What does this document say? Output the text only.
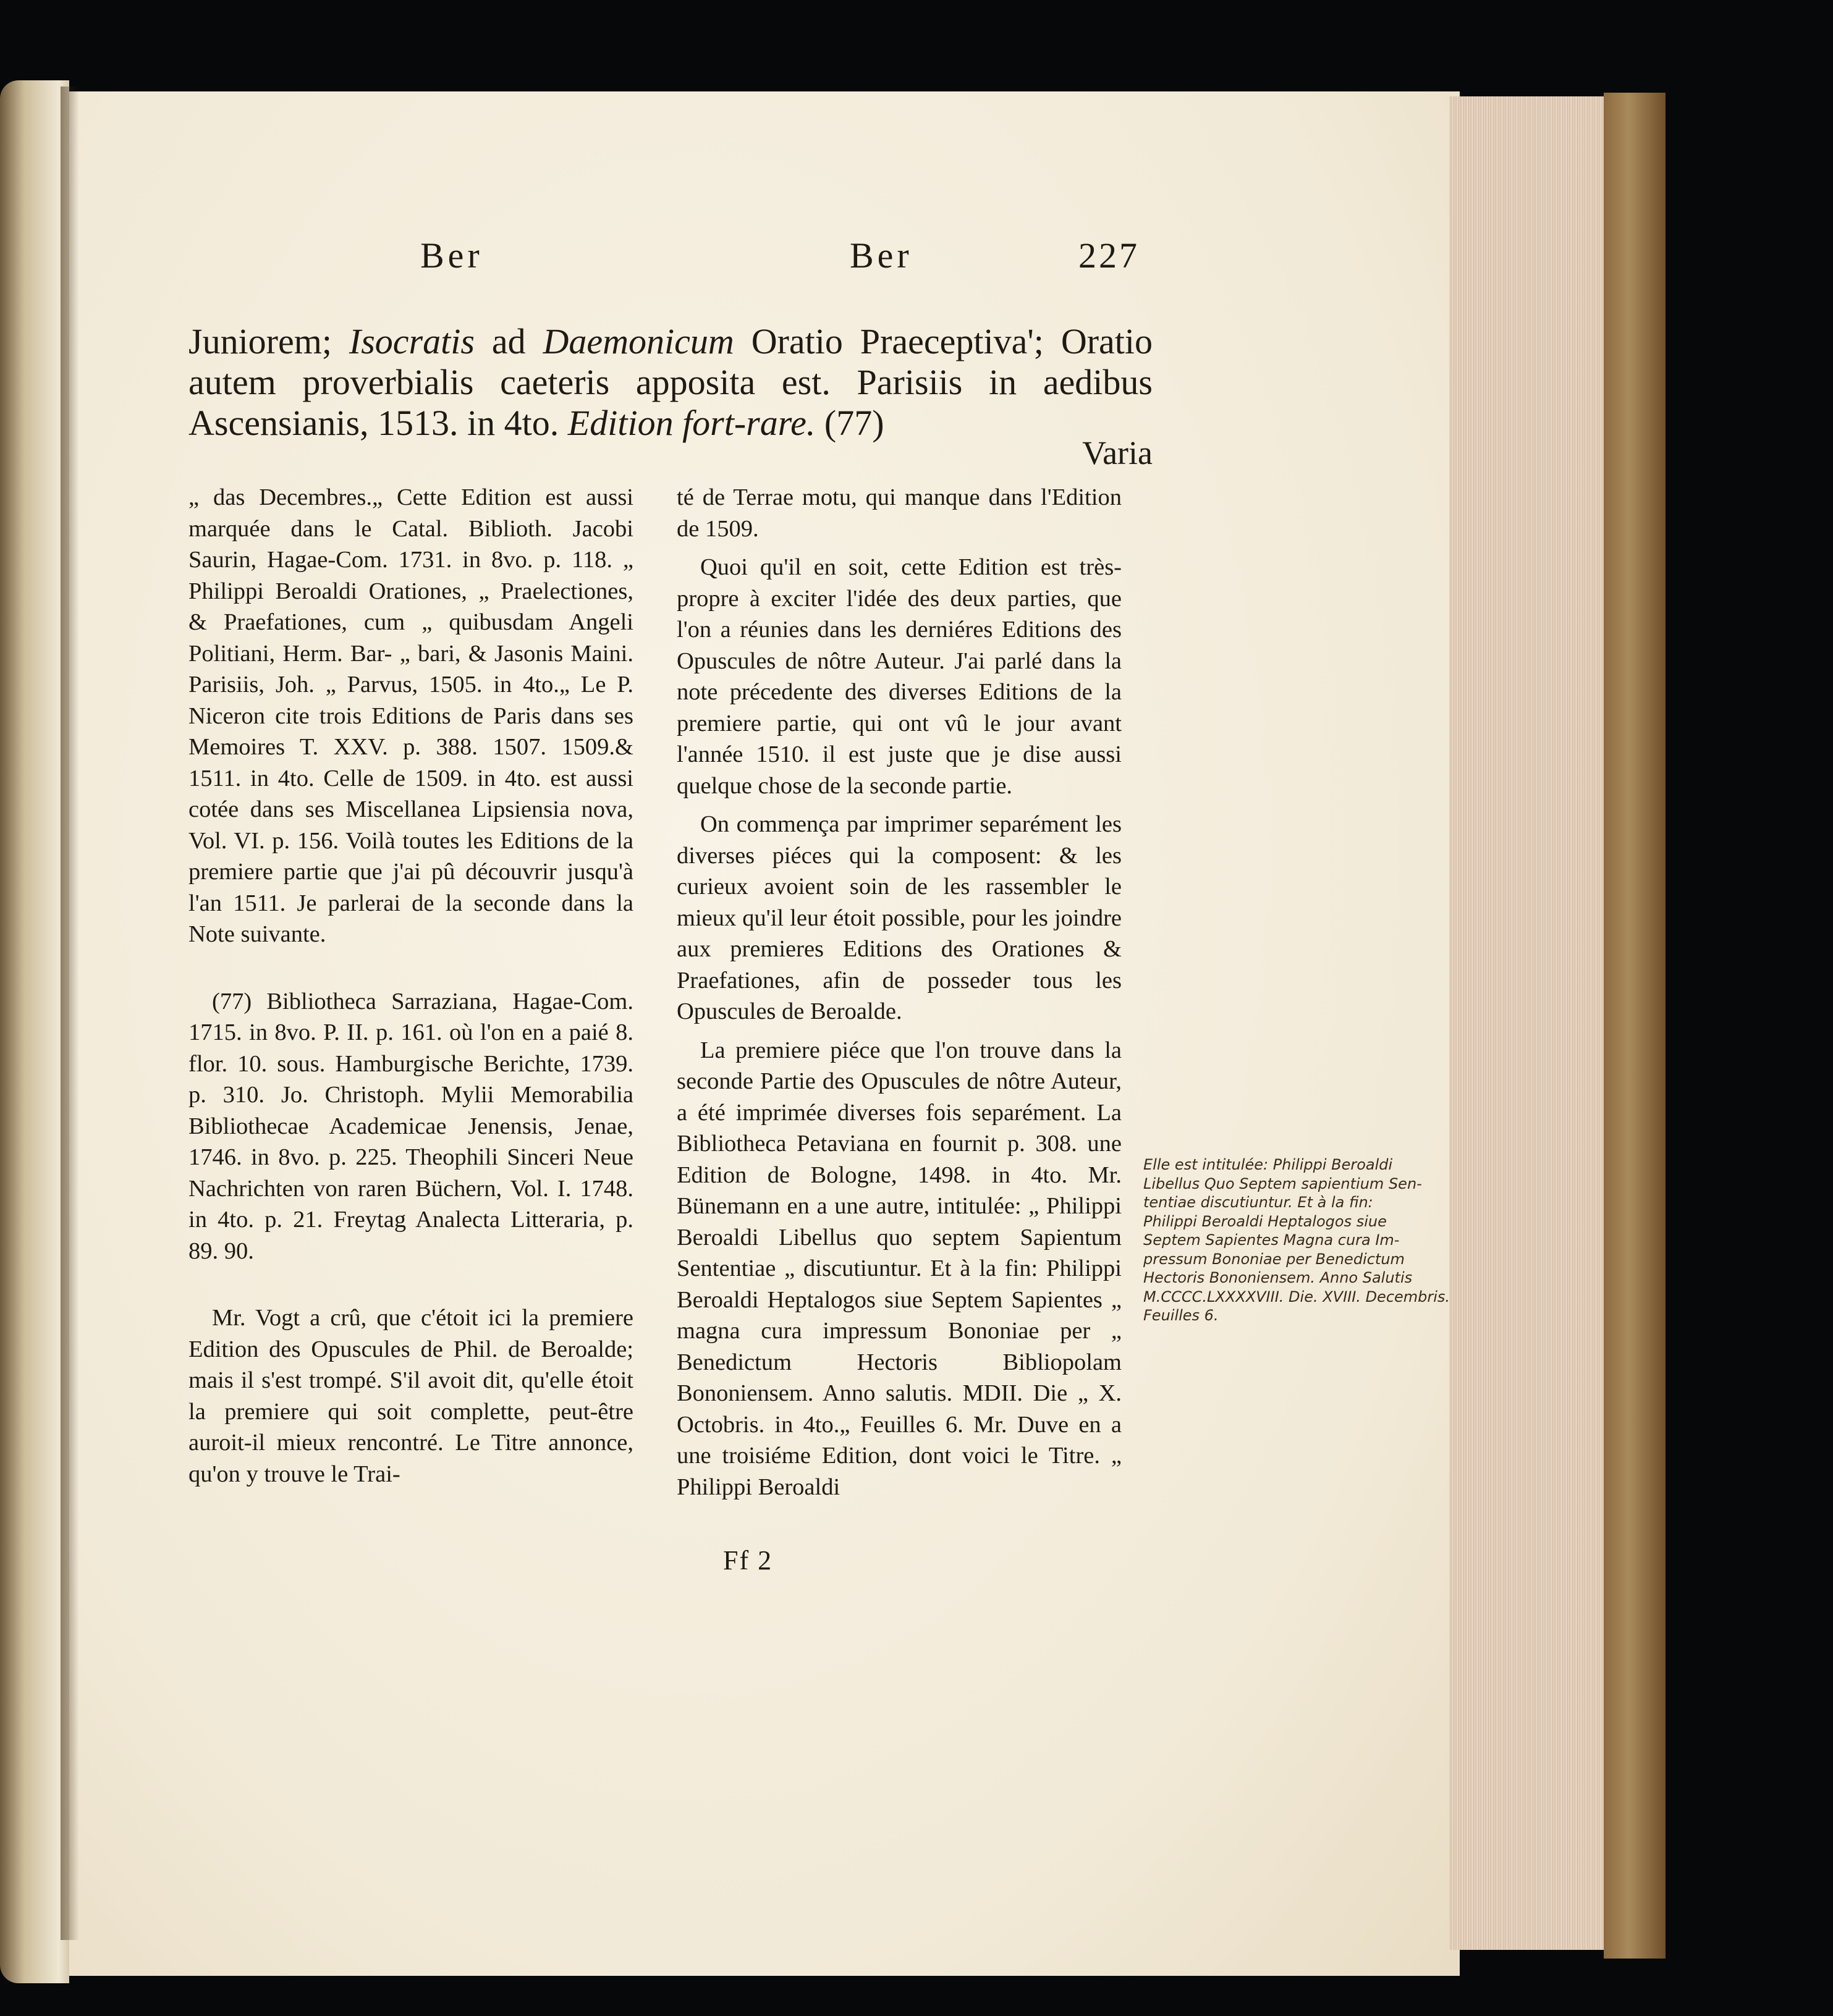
Ber	Ber	227
Juniorem; Isocratis ad Daemonicum Oratio Praeceptiva'; Oratio autem proverbialis caeteris apposita est. Parisiis in aedibus Ascensianis, 1513. in 4to. Edition fort-rare. (77)
Varia

„ das Decembres.„ Cette Edition est aussi marquée dans le Catal. Biblioth. Jacobi Saurin, Hagae-Com. 1731. in 8vo. p. 118. „ Philippi Beroaldi Orationes, „ Praelectiones, & Praefationes, cum „ quibusdam Angeli Politiani, Herm. Bar- „ bari, & Jasonis Maini. Parisiis, Joh. „ Parvus, 1505. in 4to.„ Le P. Niceron cite trois Editions de Paris dans ses Memoires T. XXV. p. 388. 1507. 1509.& 1511. in 4to. Celle de 1509. in 4to. est aussi cotée dans ses Miscellanea Lipsiensia nova, Vol. VI. p. 156. Voilà toutes les Editions de la premiere partie que j'ai pû découvrir jusqu'à l'an 1511. Je parlerai de la seconde dans la Note suivante.

(77) Bibliotheca Sarraziana, Hagae-Com. 1715. in 8vo. P. II. p. 161. où l'on en a paié 8. flor. 10. sous. Hamburgische Berichte, 1739. p. 310. Jo. Christoph. Mylii Memorabilia Bibliothecae Academicae Jenensis, Jenae, 1746. in 8vo. p. 225. Theophili Sinceri Neue Nachrichten von raren Büchern, Vol. I. 1748. in 4to. p. 21. Freytag Analecta Litteraria, p. 89. 90.

Mr. Vogt a crû, que c'étoit ici la premiere Edition des Opuscules de Phil. de Beroalde; mais il s'est trompé. S'il avoit dit, qu'elle étoit la premiere qui soit complette, peut-être auroit-il mieux rencontré. Le Titre annonce, qu'on y trouve le Trai-

té de Terrae motu, qui manque dans l'Edition de 1509.

Quoi qu'il en soit, cette Edition est très-propre à exciter l'idée des deux parties, que l'on a réunies dans les derniéres Editions des Opuscules de nôtre Auteur. J'ai parlé dans la note précedente des diverses Editions de la premiere partie, qui ont vû le jour avant l'année 1510. il est juste que je dise aussi quelque chose de la seconde partie.

On commença par imprimer separément les diverses piéces qui la composent: & les curieux avoient soin de les rassembler le mieux qu'il leur étoit possible, pour les joindre aux premieres Editions des Orationes & Praefationes, afin de posseder tous les Opuscules de Beroalde.

La premiere piéce que l'on trouve dans la seconde Partie des Opuscules de nôtre Auteur, a été imprimée diverses fois separément. La Bibliotheca Petaviana en fournit p. 308. une Edition de Bologne, 1498. in 4to. Mr. Bünemann en a une autre, intitulée: „ Philippi Beroaldi Libellus quo septem Sapientum Sententiae „ discutiuntur. Et à la fin: Philippi Beroaldi Heptalogos siue Septem Sapientes „ magna cura impressum Bononiae per „ Benedictum Hectoris Bibliopolam Bononiensem. Anno salutis. MDII. Die „ X. Octobris. in 4to.„ Feuilles 6. Mr. Duve en a une troisiéme Edition, dont voici le Titre. „ Philippi Beroaldi

Ff 2

Elle est intitulée: Philippi Beroaldi

Libellus Quo Septem sapientium Sen-

tentiae discutiuntur. Et à la fin:

Philippi Beroaldi Heptalogos siue

Septem Sapientes Magna cura Im-

pressum Bononiae per Benedictum

Hectoris Bononiensem. Anno Salutis

M.CCCC.LXXXXVIII. Die. XVIII. Decembris.

Feuilles 6.
